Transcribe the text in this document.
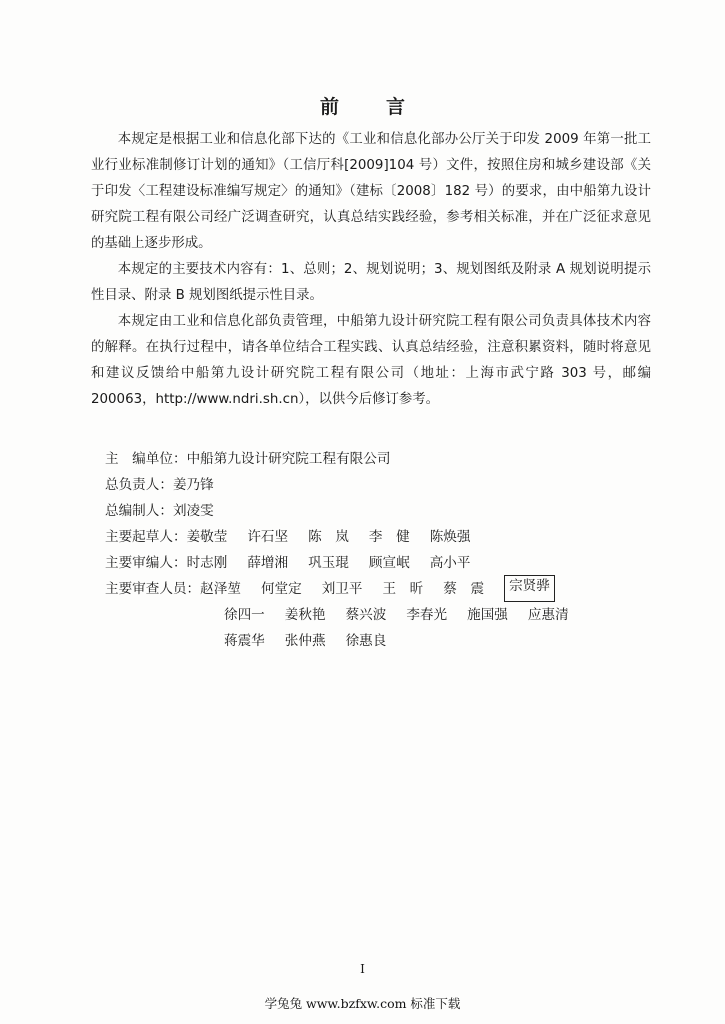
前　言

本规定是根据工业和信息化部下达的《工业和信息化部办公厅关于印发 2009 年第一批工业行业标准制修订计划的通知》（工信厅科[2009]104 号）文件，按照住房和城乡建设部《关于印发〈工程建设标准编写规定〉的通知》（建标〔2008〕182 号）的要求，由中船第九设计研究院工程有限公司经广泛调查研究，认真总结实践经验，参考相关标准，并在广泛征求意见的基础上逐步形成。

本规定的主要技术内容有：1、总则；2、规划说明；3、规划图纸及附录 A 规划说明提示性目录、附录 B 规划图纸提示性目录。

本规定由工业和信息化部负责管理，中船第九设计研究院工程有限公司负责具体技术内容的解释。在执行过程中，请各单位结合工程实践、认真总结经验，注意积累资料，随时将意见和建议反馈给中船第九设计研究院工程有限公司（地址：上海市武宁路 303 号，邮编 200063，http://www.ndri.sh.cn），以供今后修订参考。

主　编单位： 中船第九设计研究院工程有限公司
总负责人： 姜乃锋
总编制人： 刘凌雯
主要起草人： 姜敬莹 许石坚 陈　岚 李　健 陈焕强
主要审编人： 时志刚 薛增湘 巩玉琨 顾宣岷 高小平
主要审查人员： 赵泽堃 何堂定 刘卫平 王　昕 蔡　震	宗贤骅
徐四一 姜秋艳 蔡兴波 李春光 施国强 应惠清
蒋震华 张仲燕 徐惠良
I
学兔兔 www.bzfxw.com 标准下载
